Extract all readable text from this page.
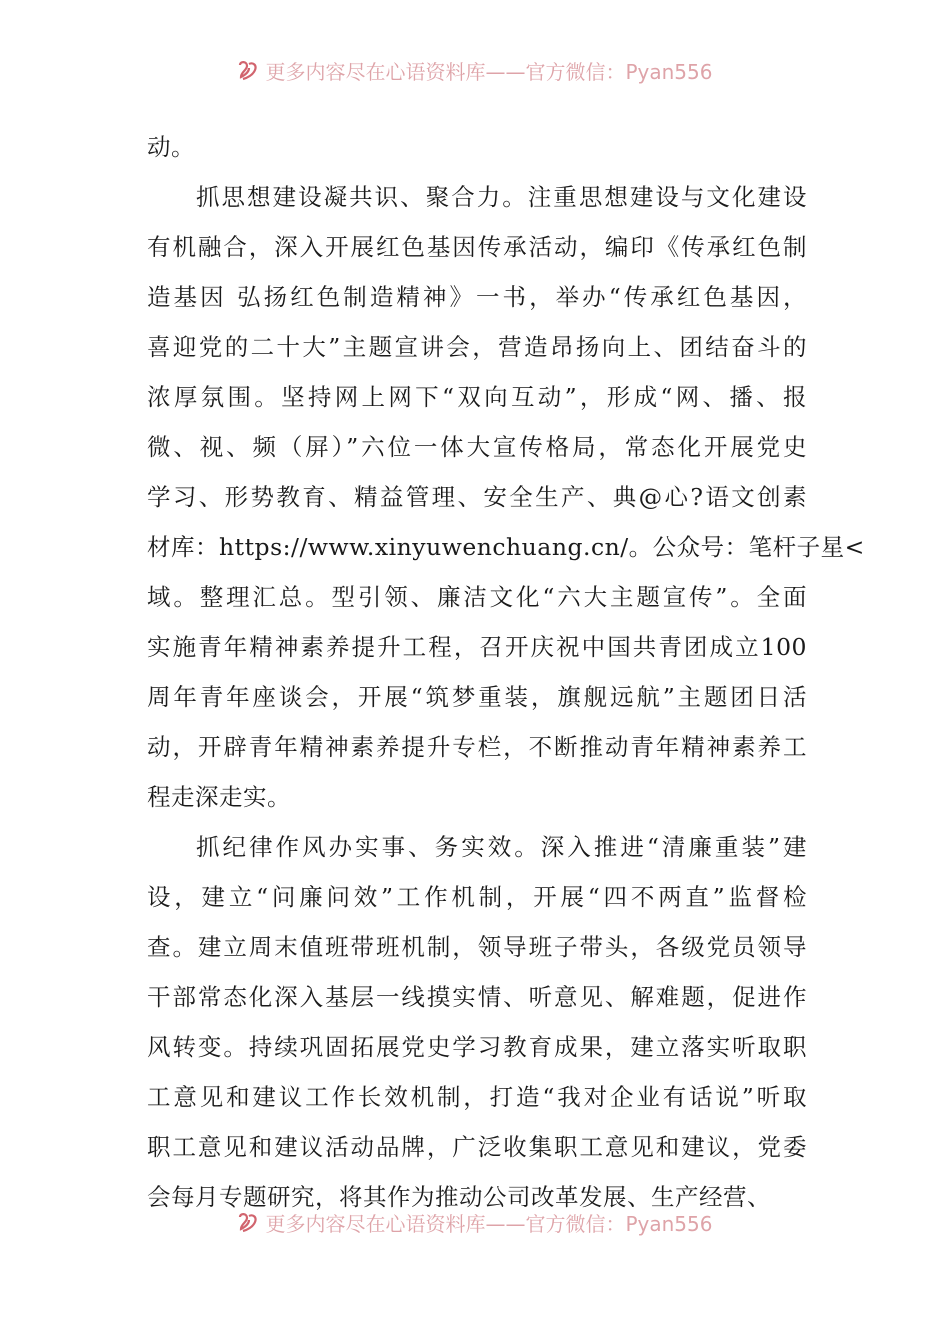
更多内容尽在心语资料库——官方微信：Pyan556
动。
抓思想建设凝共识、聚合力。注重思想建设与文化建设
有机融合，深入开展红色基因传承活动，编印《传承红色制
造基因 弘扬红色制造精神》一书，举办“传承红色基因，
喜迎党的二十大”主题宣讲会，营造昂扬向上、团结奋斗的
浓厚氛围。坚持网上网下“双向互动”，形成“网、播、报
微、视、频（屏）”六位一体大宣传格局，常态化开展党史
学习、形势教育、精益管理、安全生产、典@心?语文创素
材库：https://www.xinyuwenchuang.cn/。公众号：笔杆子星<
域。整理汇总。型引领、廉洁文化“六大主题宣传”。全面
实施青年精神素养提升工程，召开庆祝中国共青团成立100
周年青年座谈会，开展“筑梦重装，旗舰远航”主题团日活
动，开辟青年精神素养提升专栏，不断推动青年精神素养工
程走深走实。
抓纪律作风办实事、务实效。深入推进“清廉重装”建
设，建立“问廉问效”工作机制，开展“四不两直”监督检
查。建立周末值班带班机制，领导班子带头，各级党员领导
干部常态化深入基层一线摸实情、听意见、解难题，促进作
风转变。持续巩固拓展党史学习教育成果，建立落实听取职
工意见和建议工作长效机制，打造“我对企业有话说”听取
职工意见和建议活动品牌，广泛收集职工意见和建议，党委
会每月专题研究，将其作为推动公司改革发展、生产经营、
更多内容尽在心语资料库——官方微信：Pyan556
